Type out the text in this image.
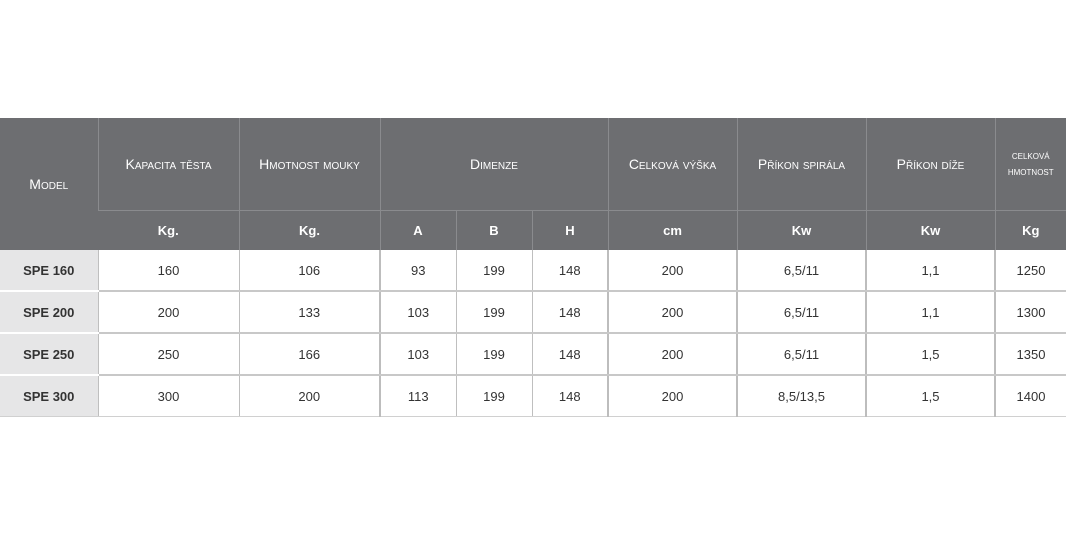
Model	Kapacita těsta	Hmotnost mouky	Dimenze			Celková výška	Příkon spirála	Příkon díže	celková hmotnost
	Kg.	Kg.	A	B	H	cm	Kw	Kw	Kg
SPE 160	160	106	93	199	148	200	6,5/11	1,1	1250
SPE 200	200	133	103	199	148	200	6,5/11	1,1	1300
SPE 250	250	166	103	199	148	200	6,5/11	1,5	1350
SPE 300	300	200	113	199	148	200	8,5/13,5	1,5	1400
